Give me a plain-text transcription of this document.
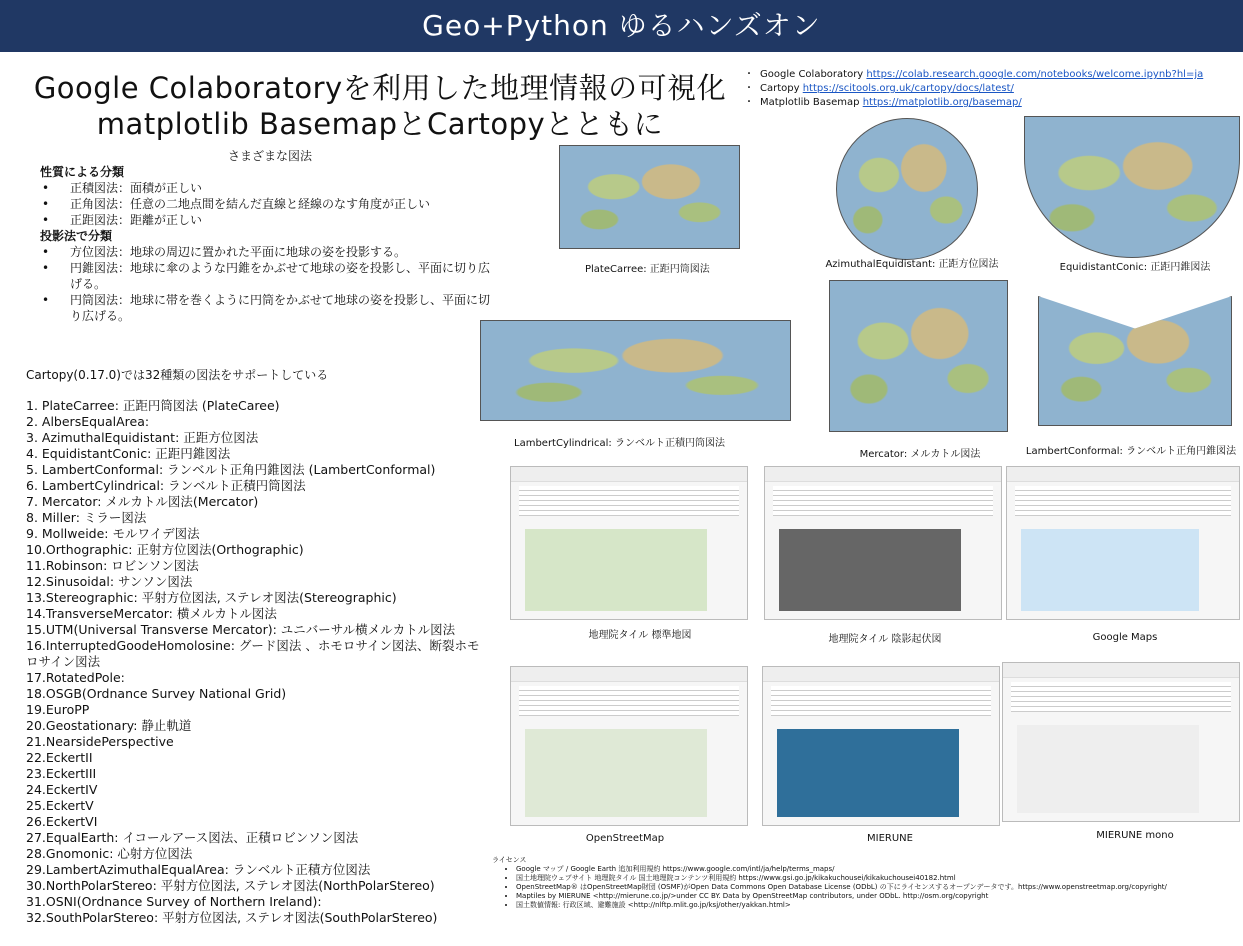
Geo+Python ゆるハンズオン
Google Colaboratoryを利用した地理情報の可視化
matplotlib BasemapとCartopyとともに
・ Google Colaboratory https://colab.research.google.com/notebooks/welcome.ipynb?hl=ja
・ Cartopy https://scitools.org.uk/cartopy/docs/latest/
・ Matplotlib Basemap https://matplotlib.org/basemap/
さまざまな図法
性質による分類
• 正積図法：面積が正しい
• 正角図法：任意の二地点間を結んだ直線と経線のなす角度が正しい
• 正距図法：距離が正しい
投影法で分類
• 方位図法：地球の周辺に置かれた平面に地球の姿を投影する。
• 円錐図法：地球に傘のような円錐をかぶせて地球の姿を投影し、平面に切り広げる。
• 円筒図法：地球に帯を巻くように円筒をかぶせて地球の姿を投影し、平面に切り広げる。
Cartopy(0.17.0)では32種類の図法をサポートしている
1. PlateCarree: 正距円筒図法 (PlateCaree)
2. AlbersEqualArea:
3. AzimuthalEquidistant: 正距方位図法
4. EquidistantConic: 正距円錐図法
5. LambertConformal: ランベルト正角円錐図法 (LambertConformal)
6. LambertCylindrical: ランベルト正積円筒図法
7. Mercator: メルカトル図法(Mercator)
8. Miller: ミラー図法
9. Mollweide: モルワイデ図法
10.Orthographic: 正射方位図法(Orthographic)
11.Robinson: ロビンソン図法
12.Sinusoidal: サンソン図法
13.Stereographic: 平射方位図法, ステレオ図法(Stereographic)
14.TransverseMercator: 横メルカトル図法
15.UTM(Universal Transverse Mercator): ユニバーサル横メルカトル図法
16.InterruptedGoodeHomolosine: グード図法 、ホモロサイン図法、断裂ホモロサイン図法
17.RotatedPole:
18.OSGB(Ordnance Survey National Grid)
19.EuroPP
20.Geostationary: 静止軌道
21.NearsidePerspective
22.EckertII
23.EckertIII
24.EckertIV
25.EckertV
26.EckertVI
27.EqualEarth: イコールアース図法、正積ロビンソン図法
28.Gnomonic: 心射方位図法
29.LambertAzimuthalEqualArea: ランベルト正積方位図法
30.NorthPolarStereo: 平射方位図法, ステレオ図法(NorthPolarStereo)
31.OSNI(Ordnance Survey of Northern Ireland):
32.SouthPolarStereo: 平射方位図法, ステレオ図法(SouthPolarStereo)
PlateCarree: 正距円筒図法	AzimuthalEquidistant: 正距方位図法	EquidistantConic: 正距円錐図法
LambertCylindrical: ランベルト正積円筒図法
Mercator: メルカトル図法	LambertConformal: ランベルト正角円錐図法
地理院タイル 標準地図	地理院タイル 陰影起伏図	Google Maps
OpenStreetMap	MIERUNE	MIERUNE mono
ライセンス
• Google マップ / Google Earth 追加利用規約 https://www.google.com/intl/ja/help/terms_maps/
• 国土地理院ウェブサイト 地理院タイル 国土地理院コンテンツ利用規約 https://www.gsi.go.jp/kikakuchousei/kikakuchousei40182.html
• OpenStreetMap® はOpenStreetMap財団 (OSMF)がOpen Data Commons Open Database License (ODbL) の下にライセンスするオープンデータです。https://www.openstreetmap.org/copyright/
• Maptiles by MIERUNE <http://mierune.co.jp/>under CC BY. Data by OpenStreetMap contributors, under ODbL. http://osm.org/copyright
• 国土数値情報: 行政区域、避難施設 <http://nlftp.mlit.go.jp/ksj/other/yakkan.html>
